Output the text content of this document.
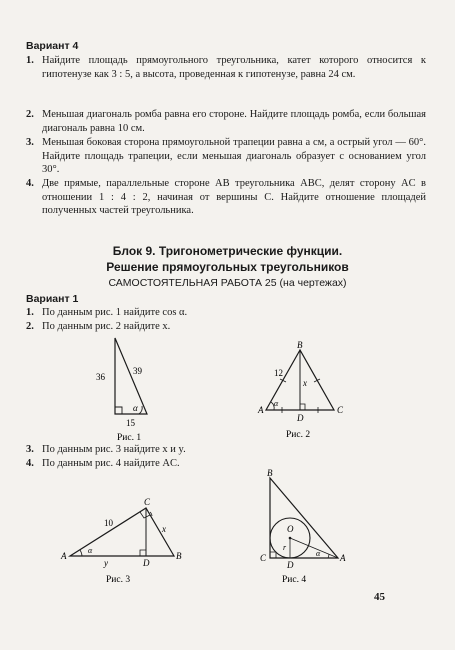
Вариант 4
1. Найдите площадь прямоугольного треугольника, катет которого относится к гипотенузе как 3 : 5, а высота, проведенная к гипотенузе, равна 24 см.
2. Меньшая диагональ ромба равна его стороне. Найдите площадь ромба, если большая диагональ равна 10 см.
3. Меньшая боковая сторона прямоугольной трапеции равна a см, а острый угол — 60°. Найдите площадь трапеции, если меньшая диагональ образует с основанием угол 30°.
4. Две прямые, параллельные стороне AB треугольника ABC, делят сторону AC в отношении 1 : 4 : 2, начиная от вершины C. Найдите отношение площадей полученных частей треугольника.
Блок 9. Тригонометрические функции.
Решение прямоугольных треугольников
САМОСТОЯТЕЛЬНАЯ РАБОТА 25 (на чертежах)
Вариант 1
1. По данным рис. 1 найдите cos α.
2. По данным рис. 2 найдите x.
36
39
15
α
Рис. 1
B
12
x
A
D
C
α
Рис. 2
3. По данным рис. 3 найдите x и y.
4. По данным рис. 4 найдите AC.
C
10
x
A
α
y	D
B
Рис. 3
B
O
r
C
D
A
α
Рис. 4
45
